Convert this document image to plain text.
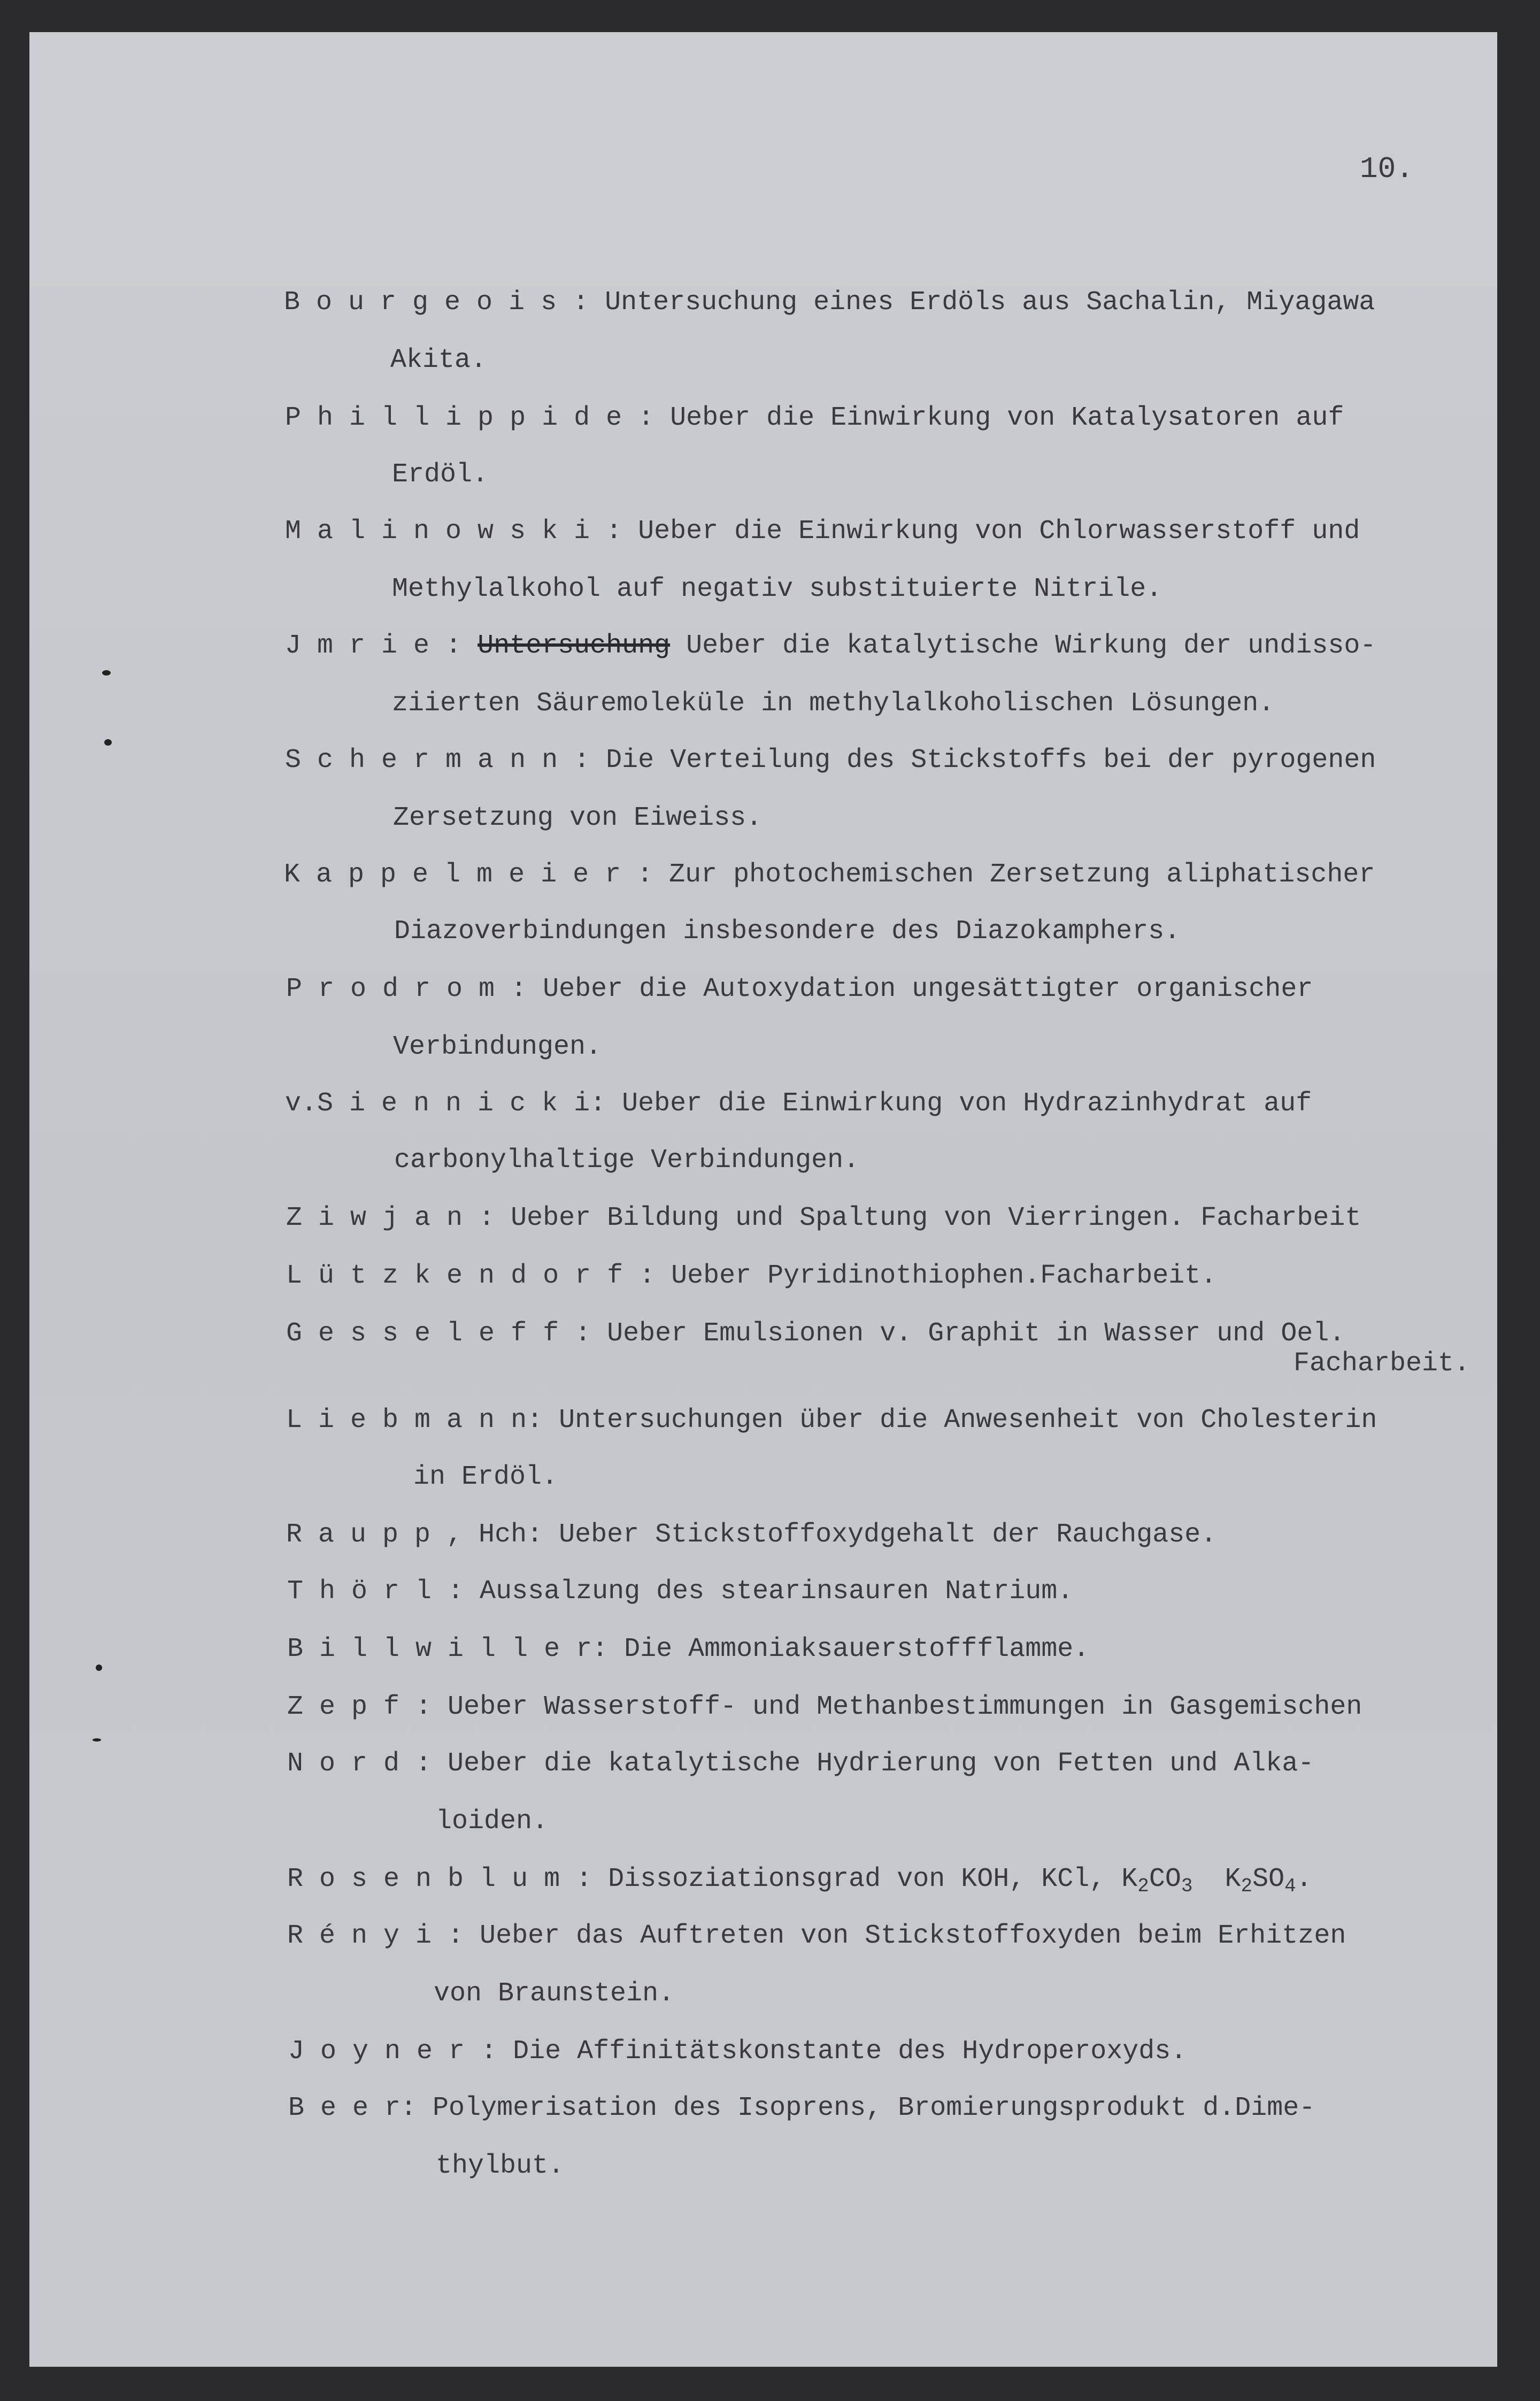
10.
B o u r g e o i s : Untersuchung eines Erdöls aus Sachalin, Miyagawa
Akita.
P h i l l i p p i d e : Ueber die Einwirkung von Katalysatoren auf
Erdöl.
M a l i n o w s k i : Ueber die Einwirkung von Chlorwasserstoff und
Methylalkohol auf negativ substituierte Nitrile.
J m r i e : Untersuchung Ueber die katalytische Wirkung der undisso-
ziierten Säuremoleküle in methylalkoholischen Lösungen.
S c h e r m a n n : Die Verteilung des Stickstoffs bei der pyrogenen
Zersetzung von Eiweiss.
K a p p e l m e i e r : Zur photochemischen Zersetzung aliphatischer
Diazoverbindungen insbesondere des Diazokamphers.
P r o d r o m : Ueber die Autoxydation ungesättigter organischer
Verbindungen.
v.S i e n n i c k i: Ueber die Einwirkung von Hydrazinhydrat auf
carbonylhaltige Verbindungen.
Z i w j a n : Ueber Bildung und Spaltung von Vierringen. Facharbeit
L ü t z k e n d o r f : Ueber Pyridinothiophen.Facharbeit.
G e s s e l e f f : Ueber Emulsionen v. Graphit in Wasser und Oel.
Facharbeit.
L i e b m a n n: Untersuchungen über die Anwesenheit von Cholesterin
in Erdöl.
R a u p p , Hch: Ueber Stickstoffoxydgehalt der Rauchgase.
T h ö r l : Aussalzung des stearinsauren Natrium.
B i l l w i l l e r: Die Ammoniaksauerstoffflamme.
Z e p f : Ueber Wasserstoff- und Methanbestimmungen in Gasgemischen
N o r d : Ueber die katalytische Hydrierung von Fetten und Alka-
loiden.
R o s e n b l u m : Dissoziationsgrad von KOH, KCl, $K_2CO_3$  $K_2SO_4$.
R é n y i : Ueber das Auftreten von Stickstoffoxyden beim Erhitzen
von Braunstein.
J o y n e r : Die Affinitätskonstante des Hydroperoxyds.
B e e r: Polymerisation des Isoprens, Bromierungsprodukt d.Dime-
thylbut.
